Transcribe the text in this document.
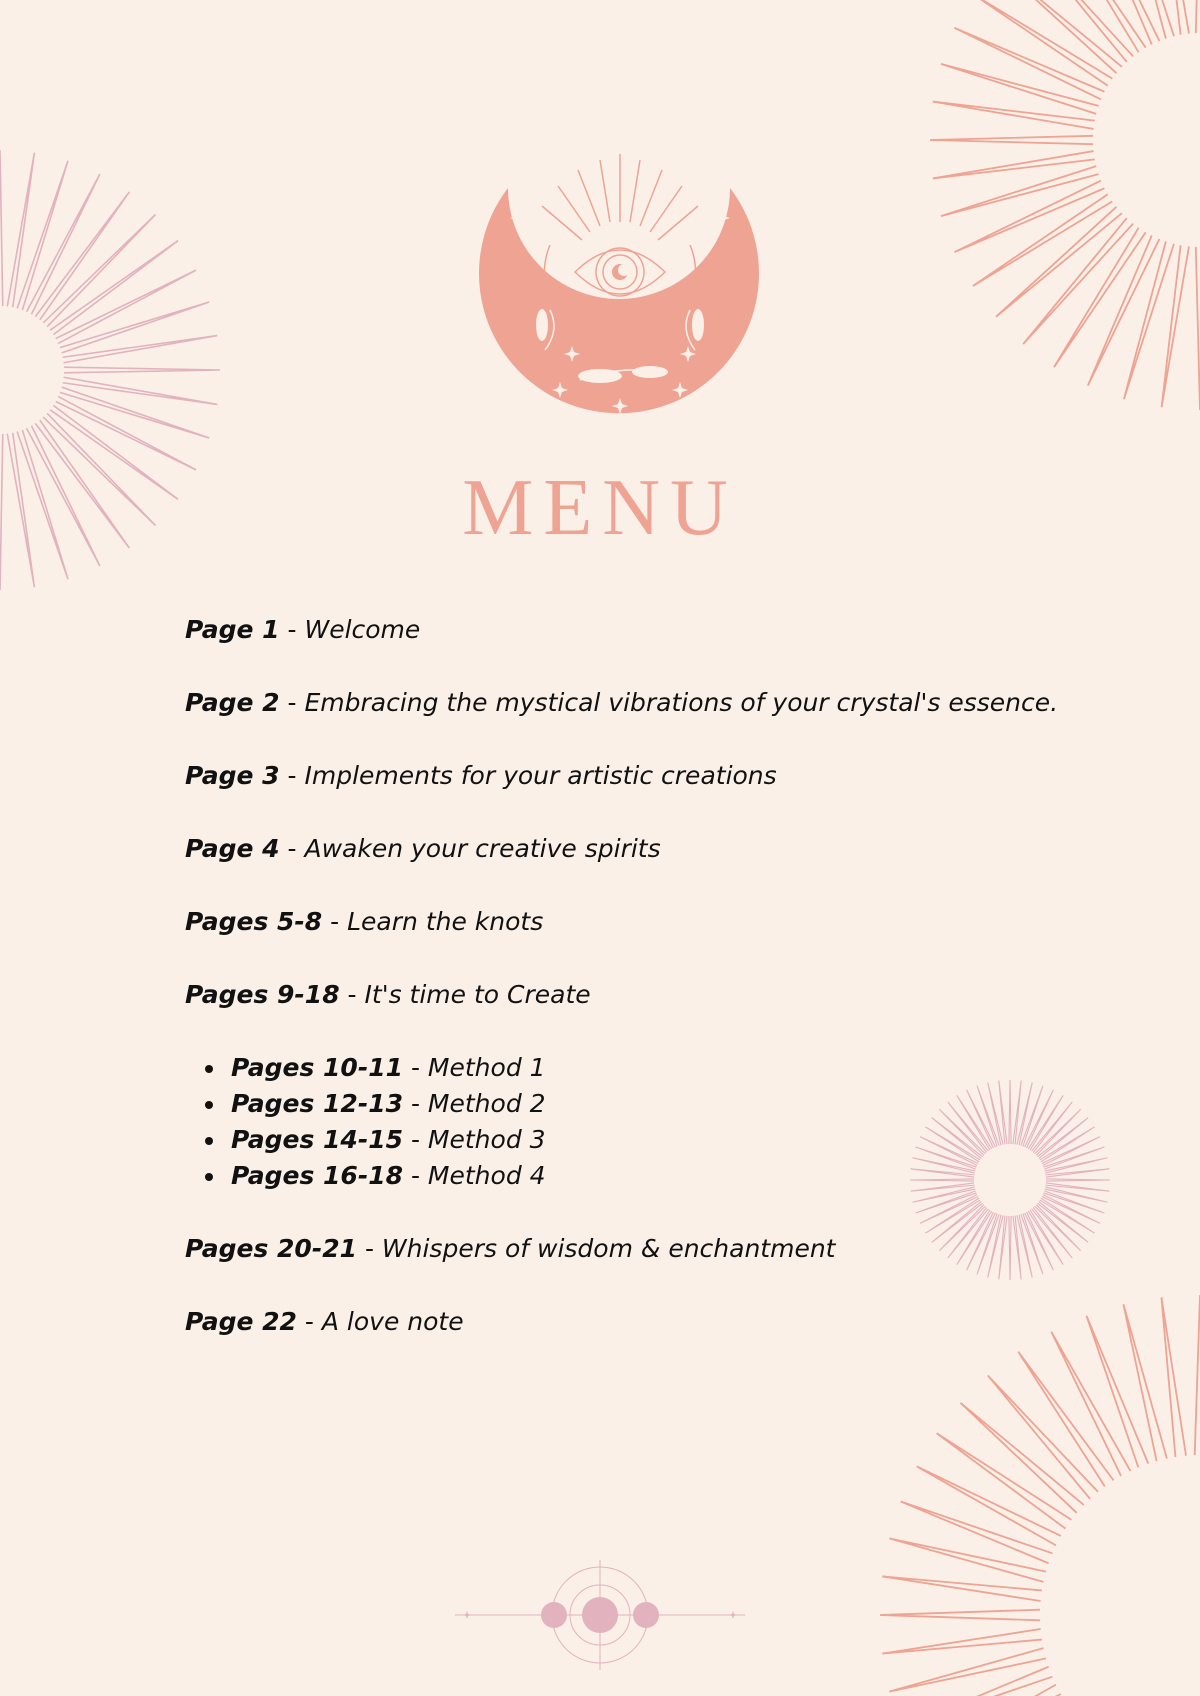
MENU

Page 1 - Welcome

Page 2 - Embracing the mystical vibrations of your crystal's essence.

Page 3 - Implements for your artistic creations

Page 4 - Awaken your creative spirits

Pages 5-8 - Learn the knots

Pages 9-18 - It's time to Create

Pages 10-11 - Method 1
Pages 12-13 - Method 2
Pages 14-15 - Method 3
Pages 16-18 - Method 4

Pages 20-21 - Whispers of wisdom & enchantment

Page 22 - A love note
